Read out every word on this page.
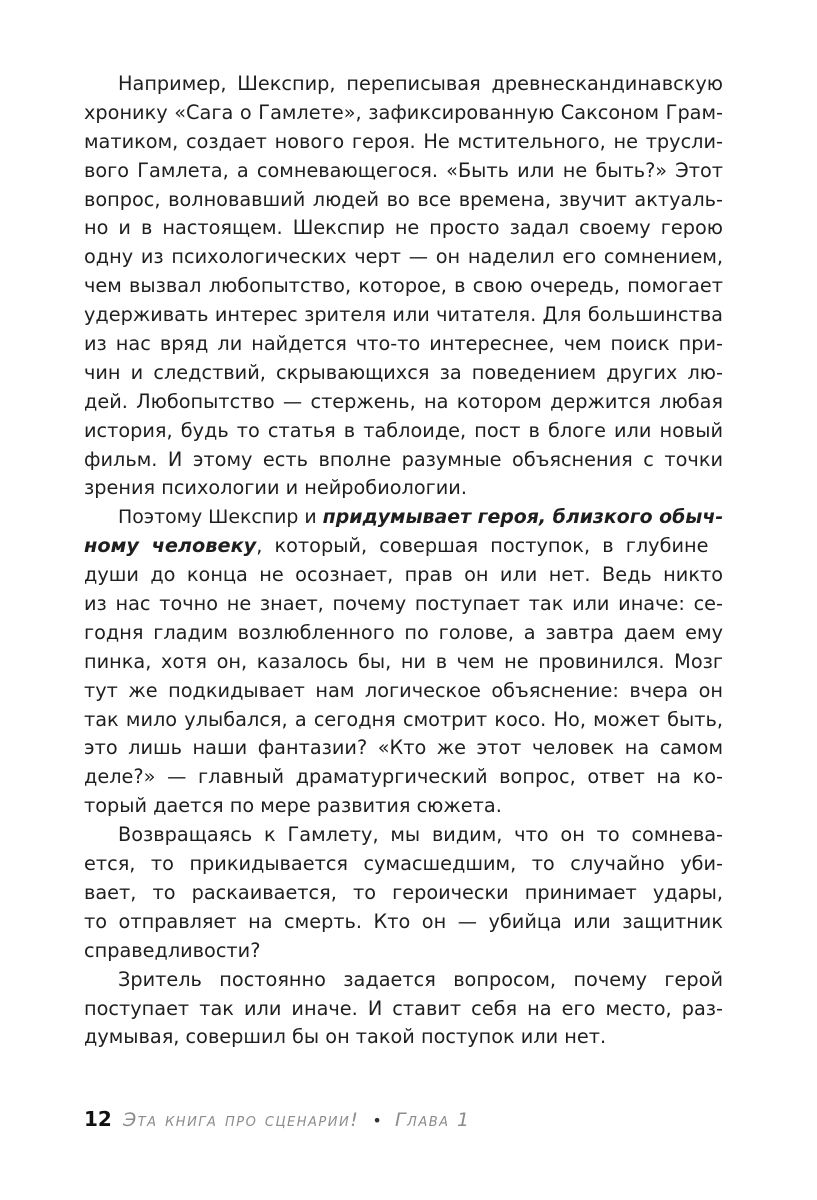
Например, Шекспир, переписывая древнескандинавскую
хронику «Сага о Гамлете», зафиксированную Саксоном Грам-
матиком, создает нового героя. Не мстительного, не трусли-
вого Гамлета, а сомневающегося. «Быть или не быть?» Этот
вопрос, волновавший людей во все времена, звучит актуаль-
но и в настоящем. Шекспир не просто задал своему герою
одну из психологических черт — он наделил его сомнением,
чем вызвал любопытство, которое, в свою очередь, помогает
удерживать интерес зрителя или читателя. Для большинства
из нас вряд ли найдется что-то интереснее, чем поиск при-
чин и следствий, скрывающихся за поведением других лю-
дей. Любопытство — стержень, на котором держится любая
история, будь то статья в таблоиде, пост в блоге или новый
фильм. И этому есть вполне разумные объяснения с точки
зрения психологии и нейробиологии.
Поэтому Шекспир и придумывает героя, близкого обыч-
ному человеку, который, совершая поступок, в глубине
души до конца не осознает, прав он или нет. Ведь никто
из нас точно не знает, почему поступает так или иначе: се-
годня гладим возлюбленного по голове, а завтра даем ему
пинка, хотя он, казалось бы, ни в чем не провинился. Мозг
тут же подкидывает нам логическое объяснение: вчера он
так мило улыбался, а сегодня смотрит косо. Но, может быть,
это лишь наши фантазии? «Кто же этот человек на самом
деле?» — главный драматургический вопрос, ответ на ко-
торый дается по мере развития сюжета.
Возвращаясь к Гамлету, мы видим, что он то сомнева-
ется, то прикидывается сумасшедшим, то случайно уби-
вает, то раскаивается, то героически принимает удары,
то отправляет на смерть. Кто он — убийца или защитник
справедливости?
Зритель постоянно задается вопросом, почему герой
поступает так или иначе. И ставит себя на его место, раз-
думывая, совершил бы он такой поступок или нет.
12 Эта книга про сценарии! • Глава 1
